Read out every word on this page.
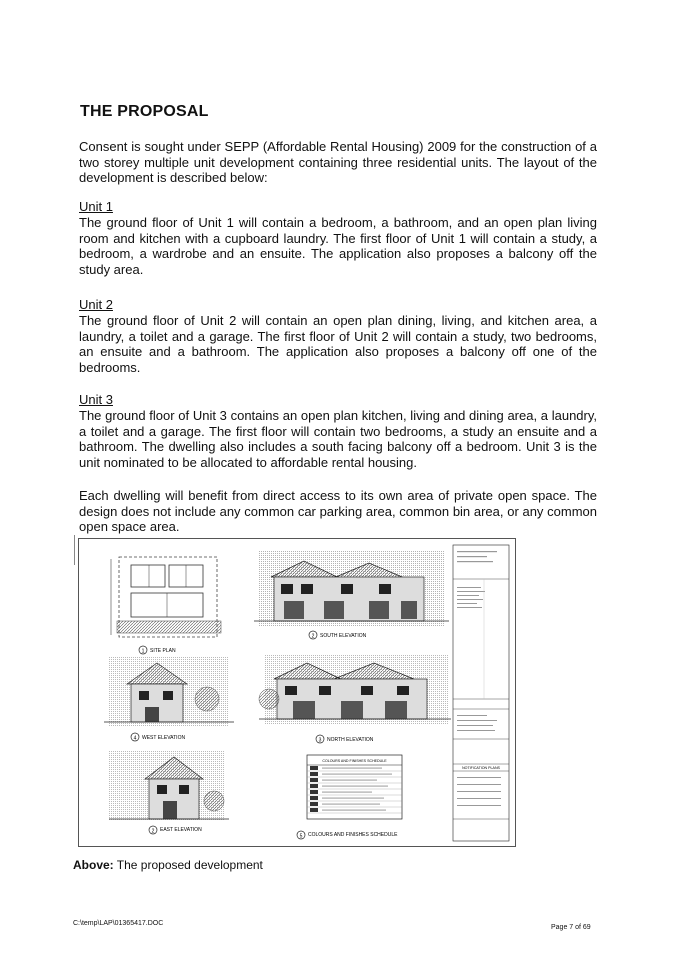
THE PROPOSAL

Consent is sought under SEPP (Affordable Rental Housing) 2009 for the construction of a two storey multiple unit development containing three residential units. The layout of the development is described below:

Unit 1

The ground floor of Unit 1 will contain a bedroom, a bathroom, and an open plan living room and kitchen with a cupboard laundry. The first floor of Unit 1 will contain a study, a bedroom, a wardrobe and an ensuite. The application also proposes a balcony off the study area.

Unit 2

The ground floor of Unit 2 will contain an open plan dining, living, and kitchen area, a laundry, a toilet and a garage. The first floor of Unit 2 will contain a study, two bedrooms, an ensuite and a bathroom. The application also proposes a balcony off one of the bedrooms.

Unit 3

The ground floor of Unit 3 contains an open plan kitchen, living and dining area, a laundry, a toilet and a garage. The first floor will contain two bedrooms, a study an ensuite and a bathroom. The dwelling also includes a south facing balcony off a bedroom. Unit 3 is the unit nominated to be allocated to affordable rental housing.

Each dwelling will benefit from direct access to its own area of private open space. The design does not include any common car parking area, common bin area, or any common open space area.

1 SITE PLAN
2 SOUTH ELEVATION
4 WEST ELEVATION	3 NORTH ELEVATION
2 EAST ELEVATION
COLOURS AND FINISHES SCHEDULE
5 COLOURS AND FINISHES SCHEDULE
NOTIFICATION PLANS

Above: The proposed development

C:\temp\LAP\01365417.DOC
Page 7 of 69
